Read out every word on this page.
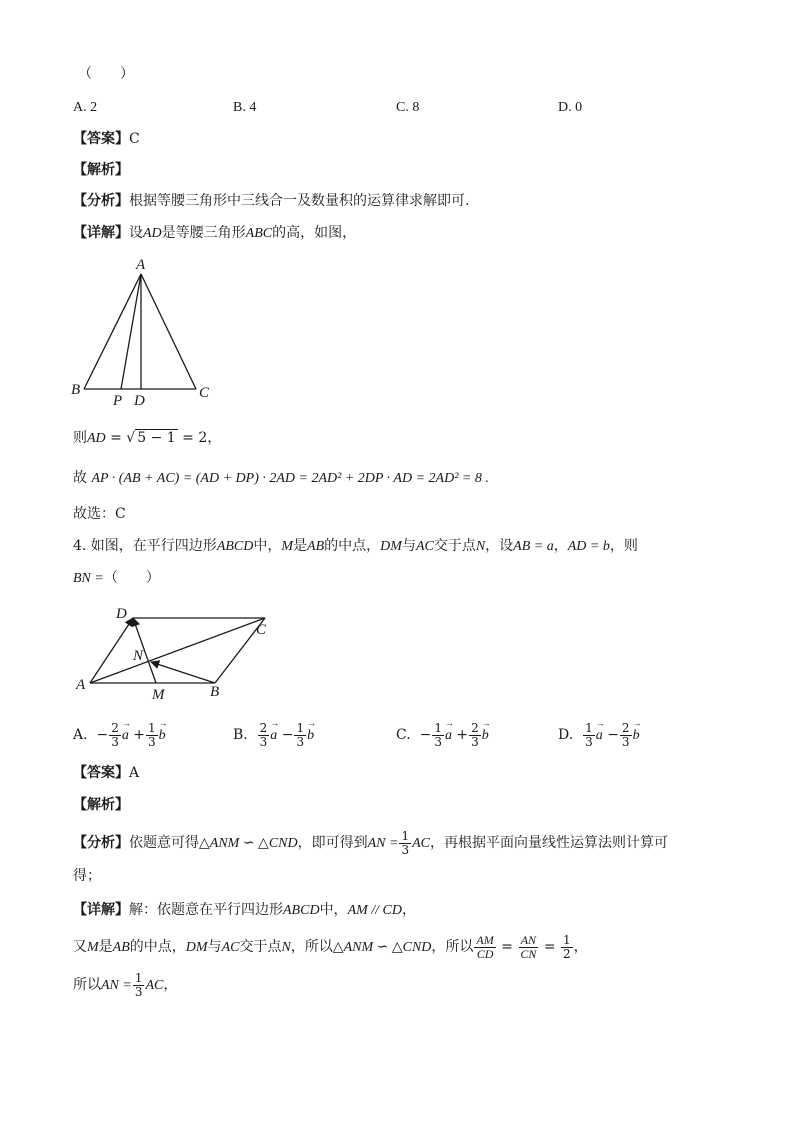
（　　）
A. 2	B. 4	C. 8	D. 0
【答案】C
【解析】
【分析】根据等腰三角形中三线合一及数量积的运算律求解即可.
【详解】设AD是等腰三角形ABC的高，如图，
A
B	C
P D
则AD = √ 5 − 1 = 2，
故 AP · (AB + AC) = (AD + DP) · 2AD = 2AD² + 2DP · AD = 2AD² = 8 .
故选：C
4. 如图，在平行四边形ABCD中，M是AB的中点，DM与AC交于点N，设AB = a，AD = b，则
BN =（　　）
D
C
N
A
M	B
A. − $\frac{2}{3}$
→ $a + \frac{1}{3}$
→ b	B. $\frac{2}{3}$
→ $a - \frac{1}{3}$
→ b	C. − $\frac{1}{3}$
→ $a + \frac{2}{3}$
→ b	D. $\frac{1}{3}$
→ $a - \frac{2}{3}$
→ b
【答案】A
【解析】
【分析】依题意可得△ANM ∽ △CND，即可得到AN = $\frac{1}{3}$ AC，再根据平面向量线性运算法则计算可
得；
【详解】解：依题意在平行四边形ABCD中，AM // CD，
又M是AB的中点，DM与AC交于点N，所以△ANM ∽ △CND，所以 $\frac{AM}{CD} = \frac{AN}{CN} = \frac{1}{2}$ ，
所以AN = $\frac{1}{3}$ AC，
